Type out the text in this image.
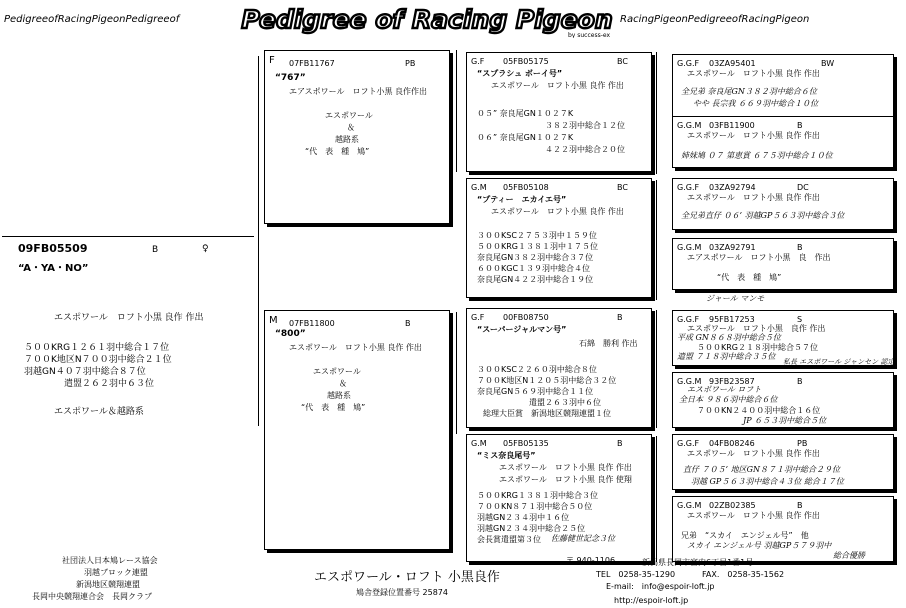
PedigreeofRacingPigeonPedigreeof Pedigree of Racing Pigeon
by success-ex
RacingPigeonPedigreeofRacingPigeon
09FB05509	B	♀
“A・YA・NO”
エスポワール　ロフト小黒 良作 作出
５００KRG１２６１羽中総合１７位
７００K地区N７００羽中総合２１位
羽越GN４０７羽中総合８７位
遣盟２６２羽中６３位
エスポワール＆越路系
F 07FB11767	PB
“767”
エアスポワール　ロフト小黒 良作作出
エスポワール
＆
越路系
“代　表　種　鳩”
M 07FB11800	B
“800”
エスポワール　ロフト小黒 良作 作出
エスポワール
＆
越路系
“代　表　種　鳩”
G.F 05FB05175	BC
“スプラシュ ボーイ号”
エスポワール　ロフト小黒 良作 作出
０５” 奈良尾GN１０２７K
３８２羽中総合１２位
０６” 奈良尾GN１０２７K
４２２羽中総合２０位
G.M 05FB05108	BC
“プティー　エカイエ号”
エスポワール　ロフト小黒 良作 作出
３００KSC２７５３羽中１５９位
５００KRG１３８１羽中１７５位
奈良尾GN３８２羽中総合３７位
６００KGC１３９羽中総合４位
奈良尾GN４２２羽中総合１９位
G.F 00FB08750	B
“スーパージャルマン号”
石綿　勝利 作出
３００KSC２２６０羽中総合８位
７００K地区N１２０５羽中総合３２位
奈良尾GN５６９羽中総合１１位
遣盟２６３羽中６位
総理大臣賞　新潟地区競翔連盟１位
G.M 05FB05135	B
“ミス奈良尾号”
エスポワール　ロフト小黒 良作 作出
エスポワール　ロフト小黒 良作 使翔
５００KRG１３８１羽中総合３位
７００KN８７１羽中総合５０位
羽越GN２３４羽中１６位
羽越GN２３４羽中総合２５位
会長賞遣盟第３位 佐藤健世記念３位
G.G.F 03ZA95401	BW
エスポワール　ロフト小黒 良作 作出
全兄弟 奈良尾GN３８２羽中総合６位
やや 長宗我 ６６９羽中総合１０位
G.G.M 03FB11900	B
エスポワール　ロフト小黒 良作 作出
姉妹鳩 ０７ 第恵賞 ６７５羽中総合１０位
G.G.F 03ZA92794	DC
エスポワール　ロフト小黒 良作 作出
全兄弟直仔 ０６’ 羽越GP５６３羽中総合３位
G.G.M 03ZA92791	B
エアスポワール　ロフト小黒　良　作出
“代　表　種　鳩”
ジャール マンモ
G.G.F 95FB17253	S
エスポワール　ロフト小黒　良作 作出
平成 GN８６８羽中総合５位
５００KRG２１８羽中総合５７位
遣盟 ７１８羽中総合３５位
私長 エスポワール ジャンセン 認定
G.G.M 93FB23587	B
エスポワール ロフト
全日本 ９８６羽中総合６位
７００KN２４００羽中総合１６位
JP ６５３羽中総合５位
G.G.F 04FB08246	PB
エスポワール　ロフト小黒 良作 作出
直仔 ７０５’ 地区GN８７１羽中総合２９位
羽越 GP５６３羽中総合４３位 総合１７位
G.G.M 02ZB02385	B
エスポワール　ロフト小黒 良作 作出
兄弟　“スカイ　エンジェル号”　他
スカイ エンジェル号 羽越GP５７９羽中
総合優勝
社団法人日本鳩レース協会
羽越ブロック連盟
新潟地区競翔連盟
長岡中央競翔連合会　長岡クラブ
エスポワール・ロフト 小黒良作
鳩舎登録位置番号 25874
〒 940-1106	新潟県長岡市宮内6丁目1番1号
TEL　0258-35-1290	FAX.　0258-35-1562
E-mail:　info@espoir-loft.jp
http://espoir-loft.jp
